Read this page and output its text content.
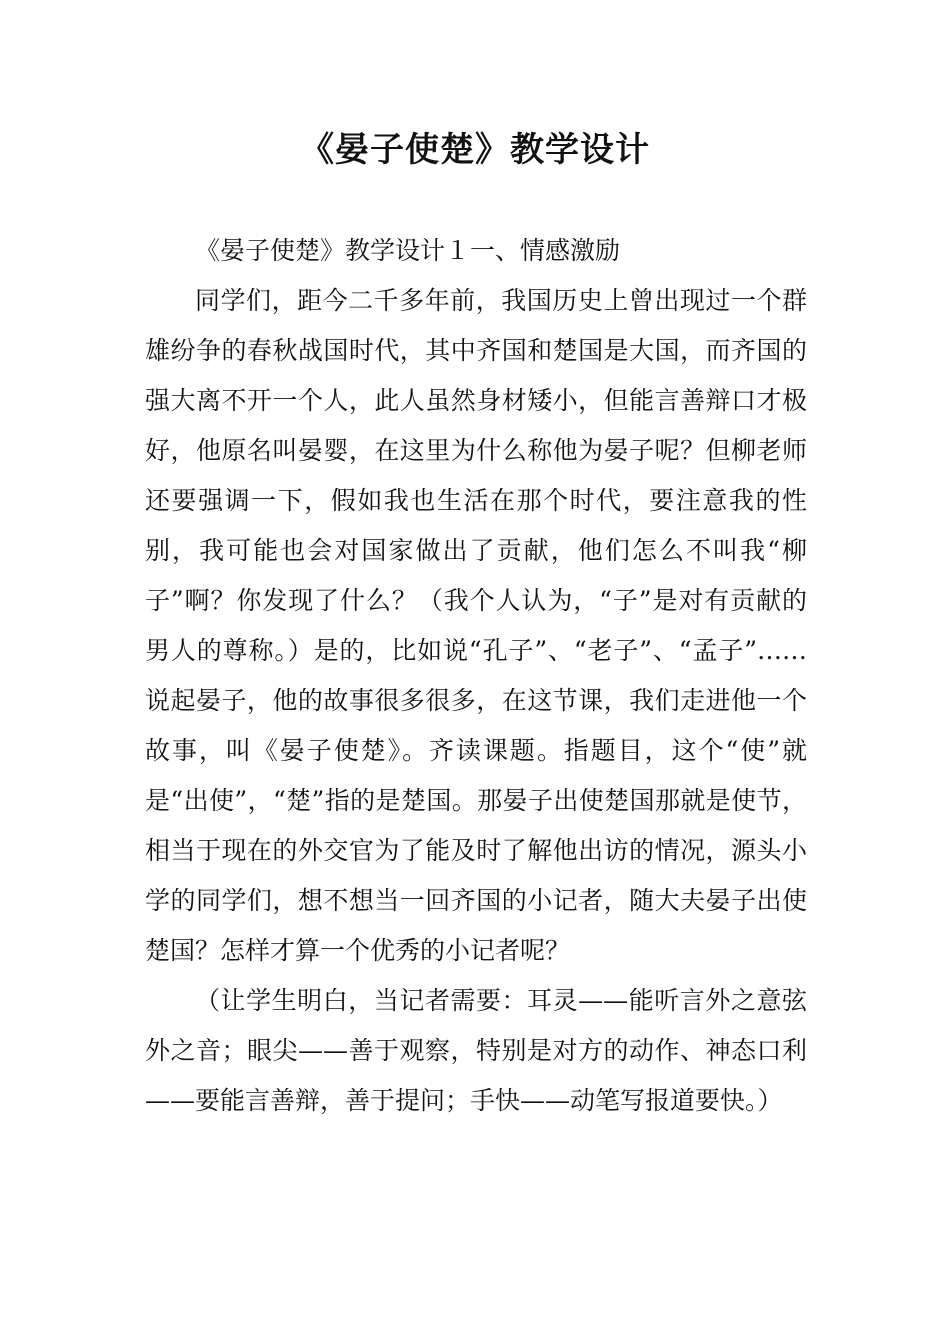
《晏子使楚》教学设计

《晏子使楚》教学设计１一、情感激励

同学们，距今二千多年前，我国历史上曾出现过一个群雄纷争的春秋战国时代，其中齐国和楚国是大国，而齐国的强大离不开一个人，此人虽然身材矮小，但能言善辩口才极好，他原名叫晏婴，在这里为什么称他为晏子呢？但柳老师还要强调一下，假如我也生活在那个时代，要注意我的性别，我可能也会对国家做出了贡献，他们怎么不叫我“柳子”啊？你发现了什么？（我个人认为，“子”是对有贡献的男人的尊称。）是的，比如说“孔子”、“老子”、“孟子”……说起晏子，他的故事很多很多，在这节课，我们走进他一个故事，叫《晏子使楚》。齐读课题。指题目，这个“使”就是“出使”，“楚”指的是楚国。那晏子出使楚国那就是使节，相当于现在的外交官为了能及时了解他出访的情况，源头小学的同学们，想不想当一回齐国的小记者，随大夫晏子出使楚国？怎样才算一个优秀的小记者呢？

（让学生明白，当记者需要：耳灵——能听言外之意弦外之音；眼尖——善于观察，特别是对方的动作、神态口利——要能言善辩，善于提问；手快——动笔写报道要快。）
